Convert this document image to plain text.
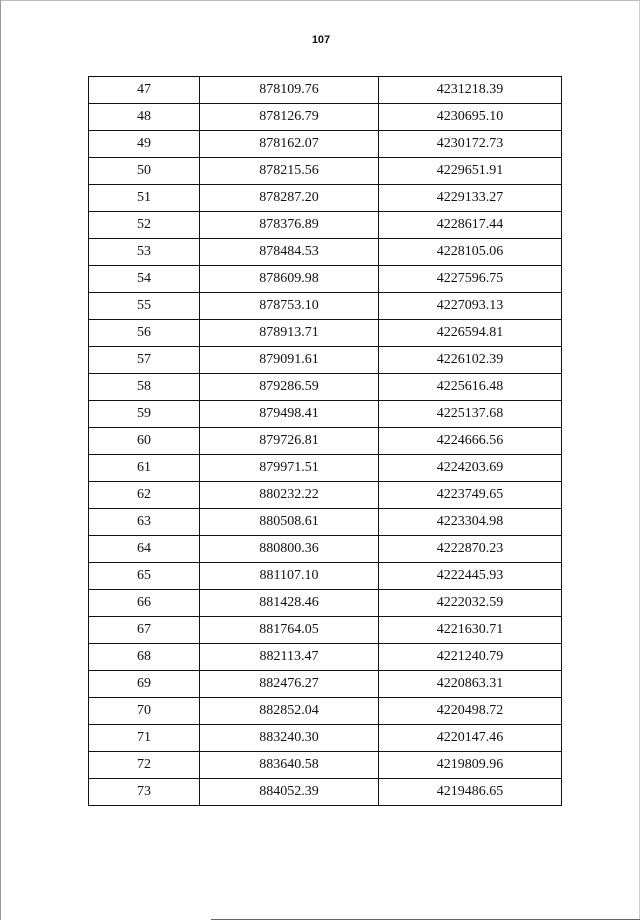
107
47	878109.76	4231218.39
48	878126.79	4230695.10
49	878162.07	4230172.73
50	878215.56	4229651.91
51	878287.20	4229133.27
52	878376.89	4228617.44
53	878484.53	4228105.06
54	878609.98	4227596.75
55	878753.10	4227093.13
56	878913.71	4226594.81
57	879091.61	4226102.39
58	879286.59	4225616.48
59	879498.41	4225137.68
60	879726.81	4224666.56
61	879971.51	4224203.69
62	880232.22	4223749.65
63	880508.61	4223304.98
64	880800.36	4222870.23
65	881107.10	4222445.93
66	881428.46	4222032.59
67	881764.05	4221630.71
68	882113.47	4221240.79
69	882476.27	4220863.31
70	882852.04	4220498.72
71	883240.30	4220147.46
72	883640.58	4219809.96
73	884052.39	4219486.65
